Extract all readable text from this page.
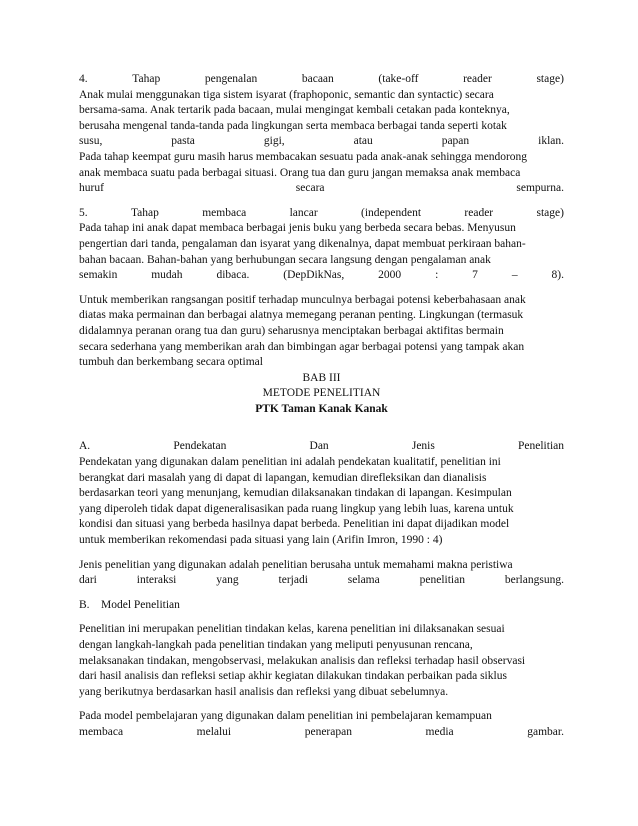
4.	Tahap	pengenalan	bacaan	(take-off	reader	stage)
Anak mulai menggunakan tiga sistem isyarat (fraphoponic, semantic dan syntactic) secara
bersama-sama. Anak tertarik pada bacaan, mulai mengingat kembali cetakan pada konteknya,
berusaha mengenal tanda-tanda pada lingkungan serta membaca berbagai tanda seperti kotak
susu,	pasta	gigi,	atau	papan	iklan.
Pada tahap keempat guru masih harus membacakan sesuatu pada anak-anak sehingga mendorong
anak membaca suatu pada berbagai situasi. Orang tua dan guru jangan memaksa anak membaca
huruf	secara	sempurna.
5.	Tahap	membaca	lancar	(independent	reader	stage)
Pada tahap ini anak dapat membaca berbagai jenis buku yang berbeda secara bebas. Menyusun
pengertian dari tanda, pengalaman dan isyarat yang dikenalnya, dapat membuat perkiraan bahan-
bahan bacaan. Bahan-bahan yang berhubungan secara langsung dengan pengalaman anak
semakin	mudah	dibaca.	(DepDikNas,	2000	:	7	–	8).
Untuk memberikan rangsangan positif terhadap munculnya berbagai potensi keberbahasaan anak
diatas maka permainan dan berbagai alatnya memegang peranan penting. Lingkungan (termasuk
didalamnya peranan orang tua dan guru) seharusnya menciptakan berbagai aktifitas bermain
secara sederhana yang memberikan arah dan bimbingan agar berbagai potensi yang tampak akan
tumbuh dan berkembang secara optimal
BAB III
METODE PENELITIAN
PTK Taman Kanak Kanak
A.	Pendekatan	Dan	Jenis	Penelitian
Pendekatan yang digunakan dalam penelitian ini adalah pendekatan kualitatif, penelitian ini
berangkat dari masalah yang di dapat di lapangan, kemudian direfleksikan dan dianalisis
berdasarkan teori yang menunjang, kemudian dilaksanakan tindakan di lapangan. Kesimpulan
yang diperoleh tidak dapat digeneralisasikan pada ruang lingkup yang lebih luas, karena untuk
kondisi dan situasi yang berbeda hasilnya dapat berbeda. Penelitian ini dapat dijadikan model
untuk memberikan rekomendasi pada situasi yang lain (Arifin Imron, 1990 : 4)
Jenis penelitian yang digunakan adalah penelitian berusaha untuk memahami makna peristiwa
dari	interaksi	yang	terjadi	selama	penelitian	berlangsung.
B. Model Penelitian
Penelitian ini merupakan penelitian tindakan kelas, karena penelitian ini dilaksanakan sesuai
dengan langkah-langkah pada penelitian tindakan yang meliputi penyusunan rencana,
melaksanakan tindakan, mengobservasi, melakukan analisis dan refleksi terhadap hasil observasi
dari hasil analisis dan refleksi setiap akhir kegiatan dilakukan tindakan perbaikan pada siklus
yang berikutnya berdasarkan hasil analisis dan refleksi yang dibuat sebelumnya.
Pada model pembelajaran yang digunakan dalam penelitian ini pembelajaran kemampuan
membaca	melalui	penerapan	media	gambar.
